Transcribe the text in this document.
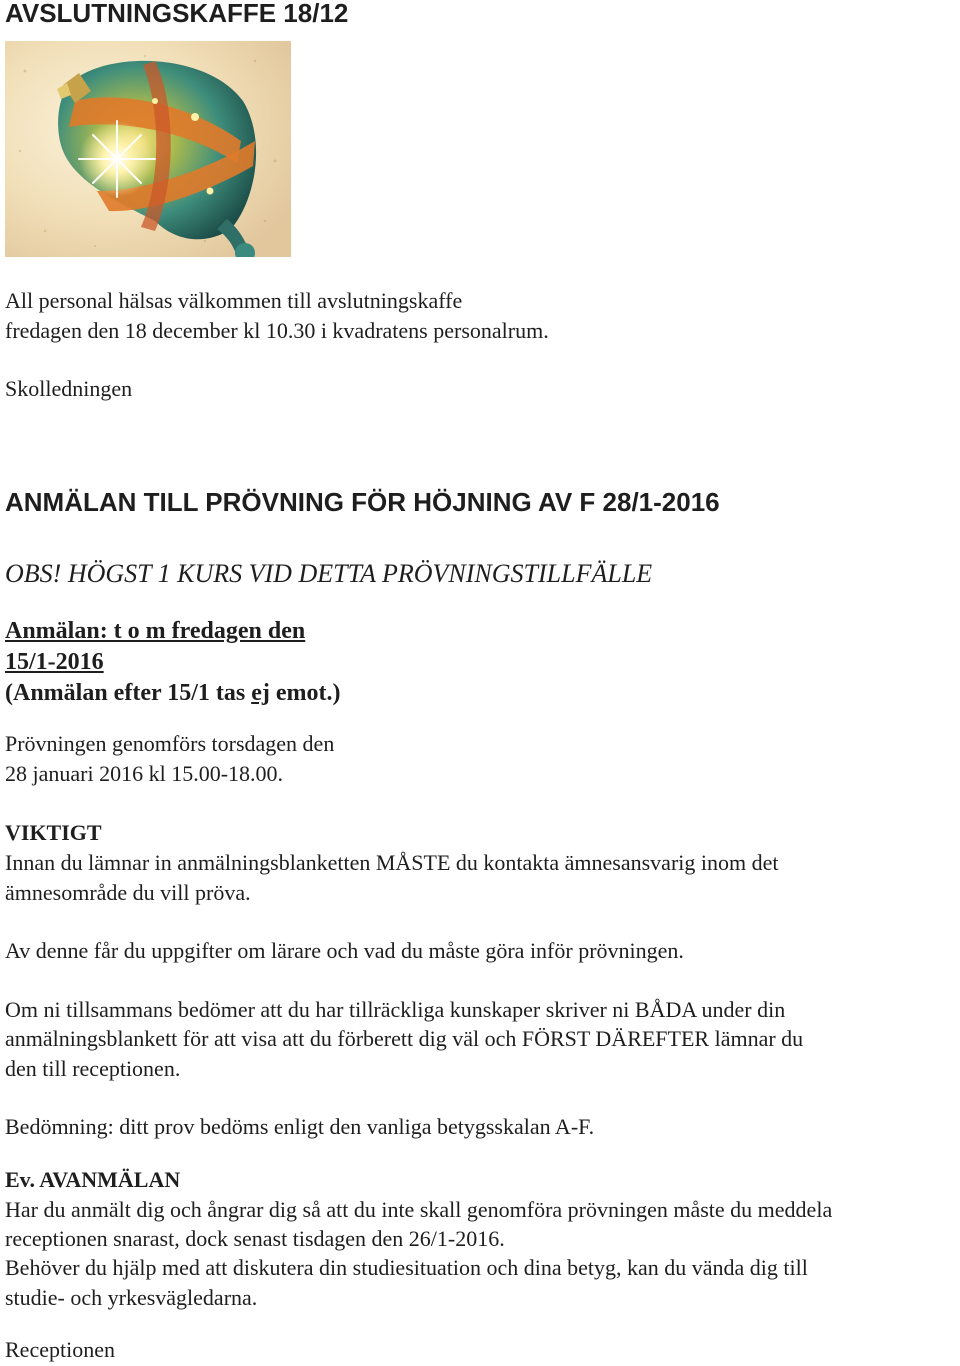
AVSLUTNINGSKAFFE 18/12
All personal hälsas välkommen till avslutningskaffe
fredagen den 18 december kl 10.30 i kvadratens personalrum.
Skolledningen
ANMÄLAN TILL PRÖVNING FÖR HÖJNING AV F 28/1-2016
OBS! HÖGST 1 KURS VID DETTA PRÖVNINGSTILLFÄLLE
Anmälan: t o m fredagen den
15/1-2016
(Anmälan efter 15/1 tas ej emot.)
Prövningen genomförs torsdagen den
28 januari 2016 kl 15.00-18.00.
VIKTIGT
Innan du lämnar in anmälningsblanketten MÅSTE du kontakta ämnesansvarig inom det
ämnesområde du vill pröva.
Av denne får du uppgifter om lärare och vad du måste göra inför prövningen.
Om ni tillsammans bedömer att du har tillräckliga kunskaper skriver ni BÅDA under din
anmälningsblankett för att visa att du förberett dig väl och FÖRST DÄREFTER lämnar du
den till receptionen.
Bedömning: ditt prov bedöms enligt den vanliga betygsskalan A-F.
Ev. AVANMÄLAN
Har du anmält dig och ångrar dig så att du inte skall genomföra prövningen måste du meddela
receptionen snarast, dock senast tisdagen den 26/1-2016.
Behöver du hjälp med att diskutera din studiesituation och dina betyg, kan du vända dig till
studie- och yrkesvägledarna.
Receptionen
